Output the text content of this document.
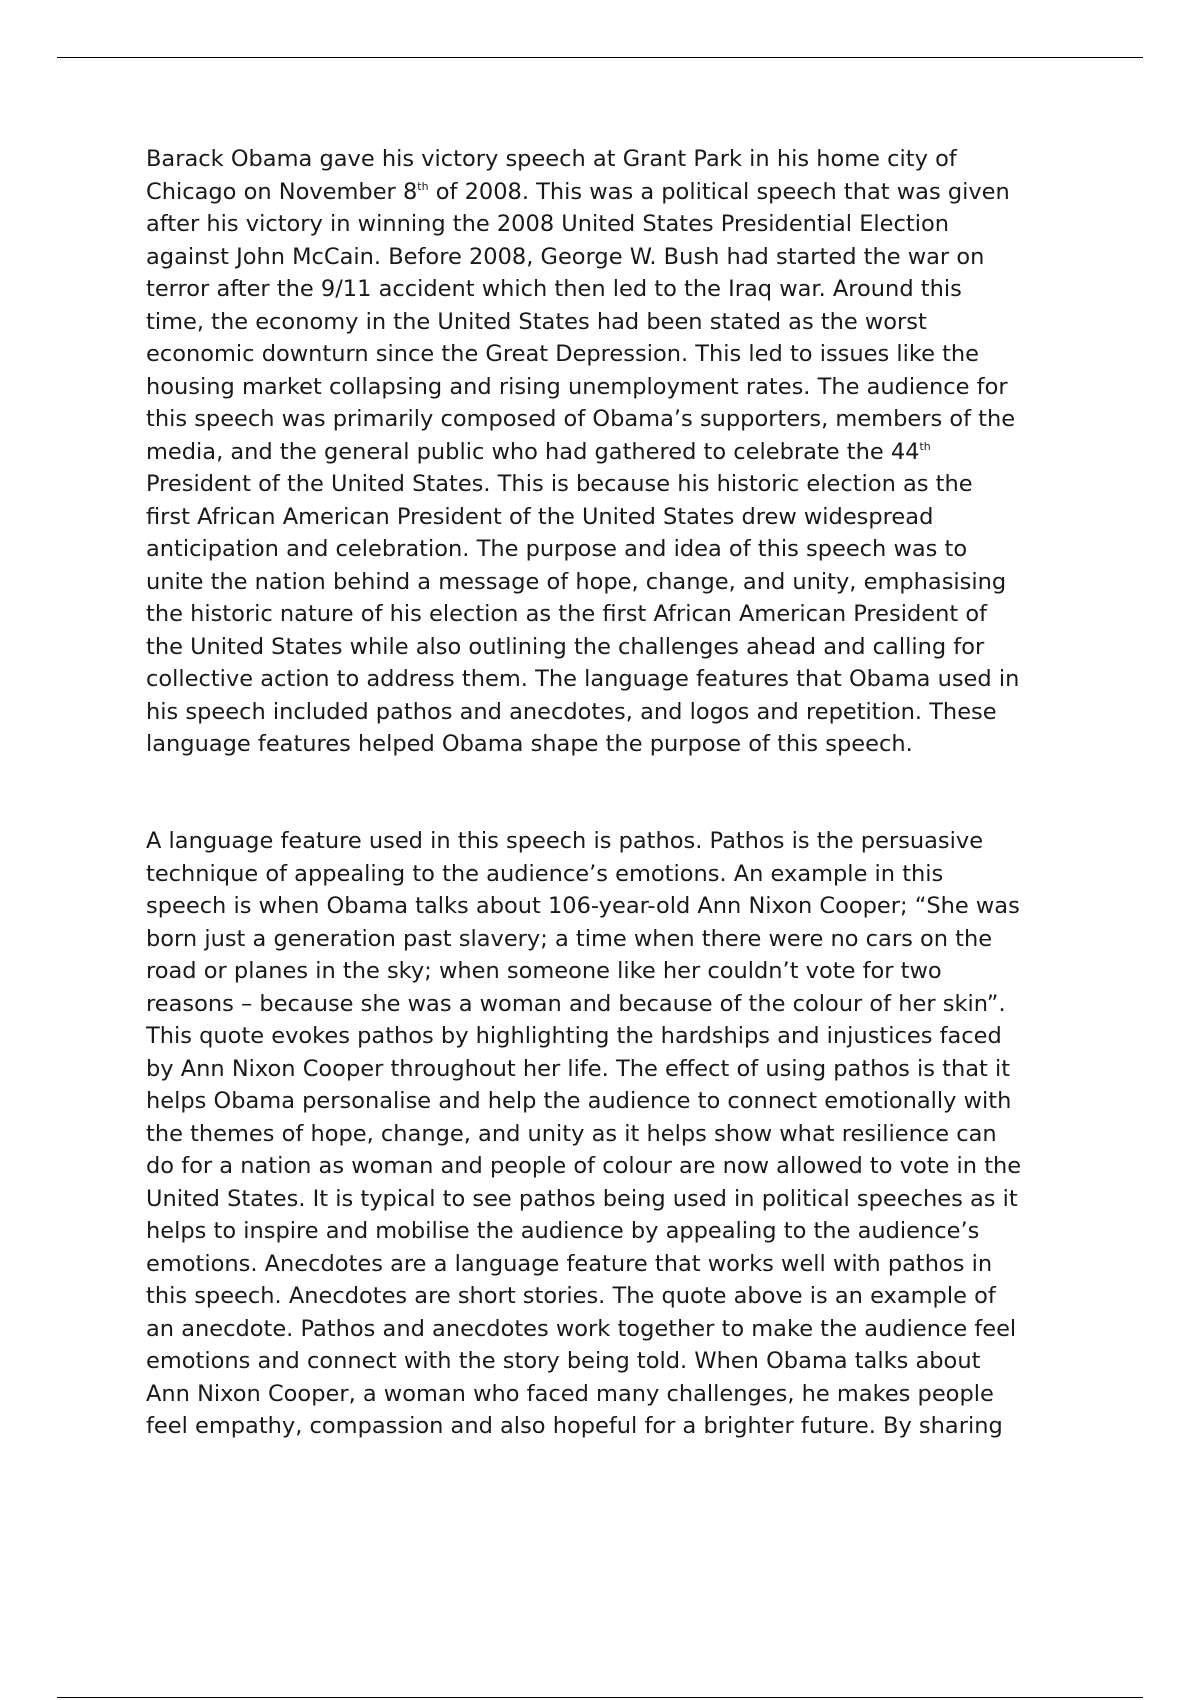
Barack Obama gave his victory speech at Grant Park in his home city of
Chicago on November 8th of 2008. This was a political speech that was given
after his victory in winning the 2008 United States Presidential Election
against John McCain. Before 2008, George W. Bush had started the war on
terror after the 9/11 accident which then led to the Iraq war. Around this
time, the economy in the United States had been stated as the worst
economic downturn since the Great Depression. This led to issues like the
housing market collapsing and rising unemployment rates. The audience for
this speech was primarily composed of Obama’s supporters, members of the
media, and the general public who had gathered to celebrate the 44th
President of the United States. This is because his historic election as the
first African American President of the United States drew widespread
anticipation and celebration. The purpose and idea of this speech was to
unite the nation behind a message of hope, change, and unity, emphasising
the historic nature of his election as the first African American President of
the United States while also outlining the challenges ahead and calling for
collective action to address them. The language features that Obama used in
his speech included pathos and anecdotes, and logos and repetition. These
language features helped Obama shape the purpose of this speech.
A language feature used in this speech is pathos. Pathos is the persuasive
technique of appealing to the audience’s emotions. An example in this
speech is when Obama talks about 106-year-old Ann Nixon Cooper; “She was
born just a generation past slavery; a time when there were no cars on the
road or planes in the sky; when someone like her couldn’t vote for two
reasons – because she was a woman and because of the colour of her skin”.
This quote evokes pathos by highlighting the hardships and injustices faced
by Ann Nixon Cooper throughout her life. The effect of using pathos is that it
helps Obama personalise and help the audience to connect emotionally with
the themes of hope, change, and unity as it helps show what resilience can
do for a nation as woman and people of colour are now allowed to vote in the
United States. It is typical to see pathos being used in political speeches as it
helps to inspire and mobilise the audience by appealing to the audience’s
emotions. Anecdotes are a language feature that works well with pathos in
this speech. Anecdotes are short stories. The quote above is an example of
an anecdote. Pathos and anecdotes work together to make the audience feel
emotions and connect with the story being told. When Obama talks about
Ann Nixon Cooper, a woman who faced many challenges, he makes people
feel empathy, compassion and also hopeful for a brighter future. By sharing
